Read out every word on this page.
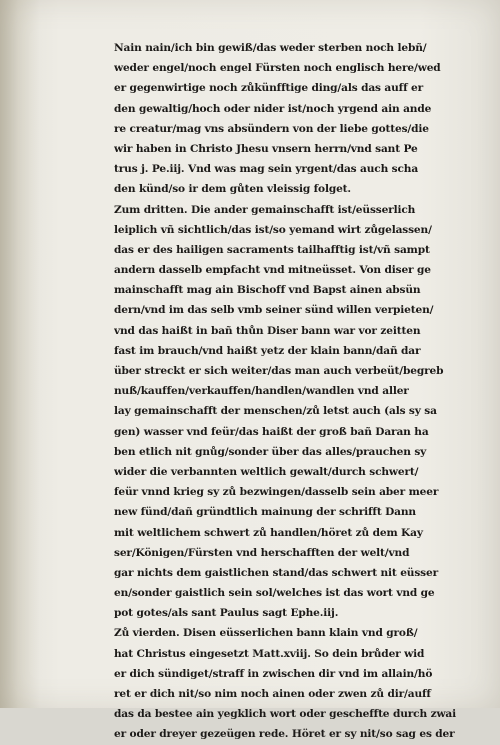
Nain nain/ich bin gewiß/das weder sterben noch lebñ/
weder engel/noch engel Fürsten noch englisch here/wed
er gegenwirtige noch zůkünfftige ding/als das auff er
den gewaltig/hoch oder nider ist/noch yrgend ain ande
re creatur/mag vns absündern von der liebe gottes/die
wir haben in Christo Jhesu vnsern herrn/vnd sant Pe
trus j. Pe.iij. Vnd was mag sein yrgent/das auch scha
den künd/so ir dem gůten vleissig folget.
Zum dritten. Die ander gemainschafft ist/eüsserlich
leiplich vñ sichtlich/das ist/so yemand wirt zůgelassen/
das er des hailigen sacraments tailhafftig ist/vñ sampt
andern dasselb empfacht vnd mitneüsset. Von diser ge
mainschafft mag ain Bischoff vnd Bapst ainen absün
dern/vnd im das selb vmb seiner sünd willen verpieten/
vnd das haißt in bañ thůn Diser bann war vor zeitten
fast im brauch/vnd haißt yetz der klain bann/dañ dar
über streckt er sich weiter/das man auch verbeüt/begreb
nuß/kauffen/verkauffen/handlen/wandlen vnd aller
lay gemainschafft der menschen/zů letst auch (als sy sa
gen) wasser vnd feür/das haißt der groß bañ Daran ha
ben etlich nit gnůg/sonder über das alles/prauchen sy
wider die verbannten weltlich gewalt/durch schwert/
feür vnnd krieg sy zů bezwingen/dasselb sein aber meer
new fünd/dañ gründtlich mainung der schrifft Dann
mit weltlichem schwert zů handlen/höret zů dem Kay
ser/Königen/Fürsten vnd herschafften der welt/vnd
gar nichts dem gaistlichen stand/das schwert nit eüsser
en/sonder gaistlich sein sol/welches ist das wort vnd ge
pot gotes/als sant Paulus sagt Ephe.iij.
Zů vierden. Disen eüsserlichen bann klain vnd groß/
hat Christus eingesetzt Matt.xviij. So dein brůder wid
er dich sündiget/straff in zwischen dir vnd im allain/hö
ret er dich nit/so nim noch ainen oder zwen zů dir/auff
das da bestee ain yegklich wort oder gescheffte durch zwai
er oder dreyer gezeügen rede. Höret er sy nit/so sag es der
